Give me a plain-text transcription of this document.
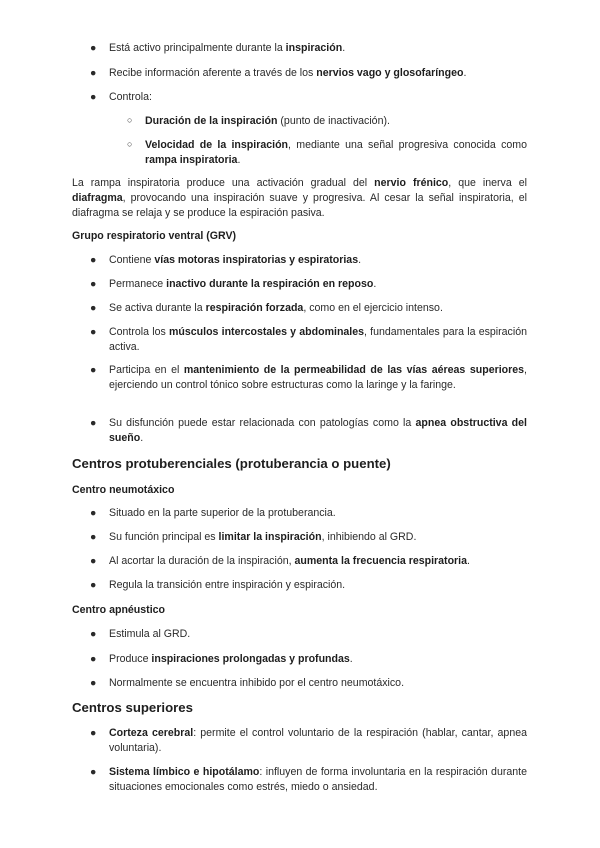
● Está activo principalmente durante la inspiración.
● Recibe información aferente a través de los nervios vago y glosofaríngeo.
● Controla:
○ Duración de la inspiración (punto de inactivación).
○ Velocidad de la inspiración, mediante una señal progresiva conocida como rampa inspiratoria.
La rampa inspiratoria produce una activación gradual del nervio frénico, que inerva el diafragma, provocando una inspiración suave y progresiva. Al cesar la señal inspiratoria, el diafragma se relaja y se produce la espiración pasiva.
Grupo respiratorio ventral (GRV)
● Contiene vías motoras inspiratorias y espiratorias.
● Permanece inactivo durante la respiración en reposo.
● Se activa durante la respiración forzada, como en el ejercicio intenso.
● Controla los músculos intercostales y abdominales, fundamentales para la espiración activa.
● Participa en el mantenimiento de la permeabilidad de las vías aéreas superiores, ejerciendo un control tónico sobre estructuras como la laringe y la faringe.
● Su disfunción puede estar relacionada con patologías como la apnea obstructiva del sueño.
Centros protuberenciales (protuberancia o puente)
Centro neumotáxico
● Situado en la parte superior de la protuberancia.
● Su función principal es limitar la inspiración, inhibiendo al GRD.
● Al acortar la duración de la inspiración, aumenta la frecuencia respiratoria.
● Regula la transición entre inspiración y espiración.
Centro apnéustico
● Estimula al GRD.
● Produce inspiraciones prolongadas y profundas.
● Normalmente se encuentra inhibido por el centro neumotáxico.
Centros superiores
● Corteza cerebral: permite el control voluntario de la respiración (hablar, cantar, apnea voluntaria).
● Sistema límbico e hipotálamo: influyen de forma involuntaria en la respiración durante situaciones emocionales como estrés, miedo o ansiedad.
